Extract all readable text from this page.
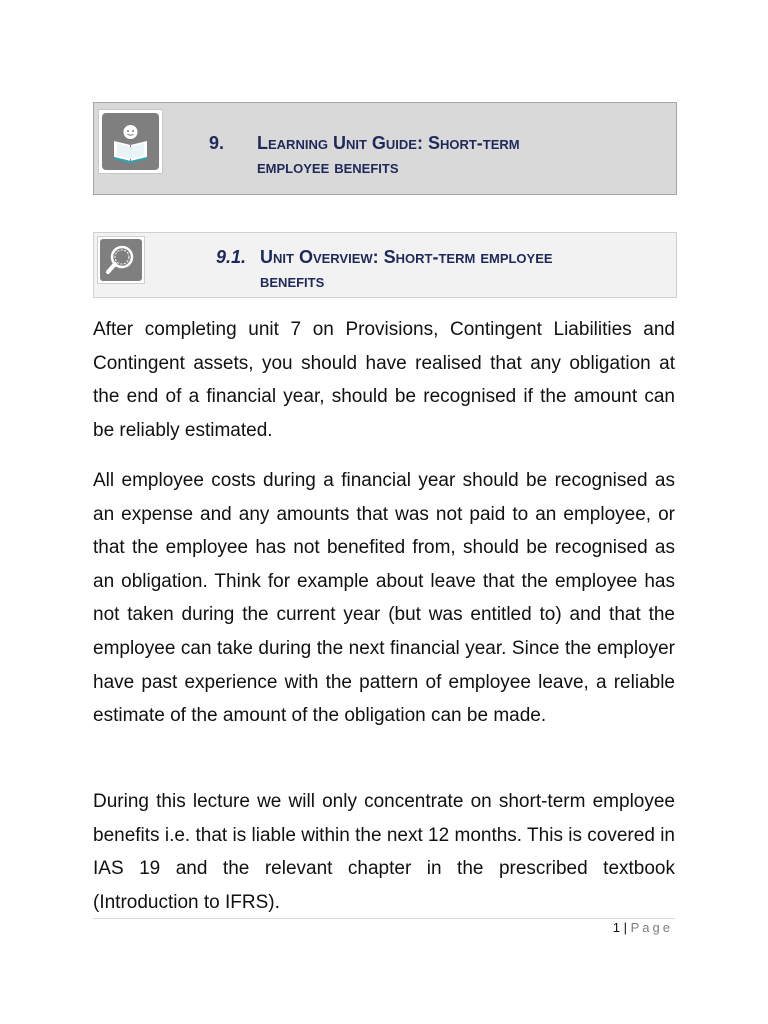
9. Learning Unit Guide: Short-term
employee benefits
9.1. Unit Overview: Short-term employee
benefits

After completing unit 7 on Provisions, Contingent Liabilities and Contingent assets, you should have realised that any obligation at the end of a financial year, should be recognised if the amount can be reliably estimated.

All employee costs during a financial year should be recognised as an expense and any amounts that was not paid to an employee, or that the employee has not benefited from, should be recognised as an obligation. Think for example about leave that the employee has not taken during the current year (but was entitled to) and that the employee can take during the next financial year. Since the employer have past experience with the pattern of employee leave, a reliable estimate of the amount of the obligation can be made.

During this lecture we will only concentrate on short-term employee benefits i.e. that is liable within the next 12 months. This is covered in IAS 19 and the relevant chapter in the prescribed textbook (Introduction to IFRS).

1 | Page
